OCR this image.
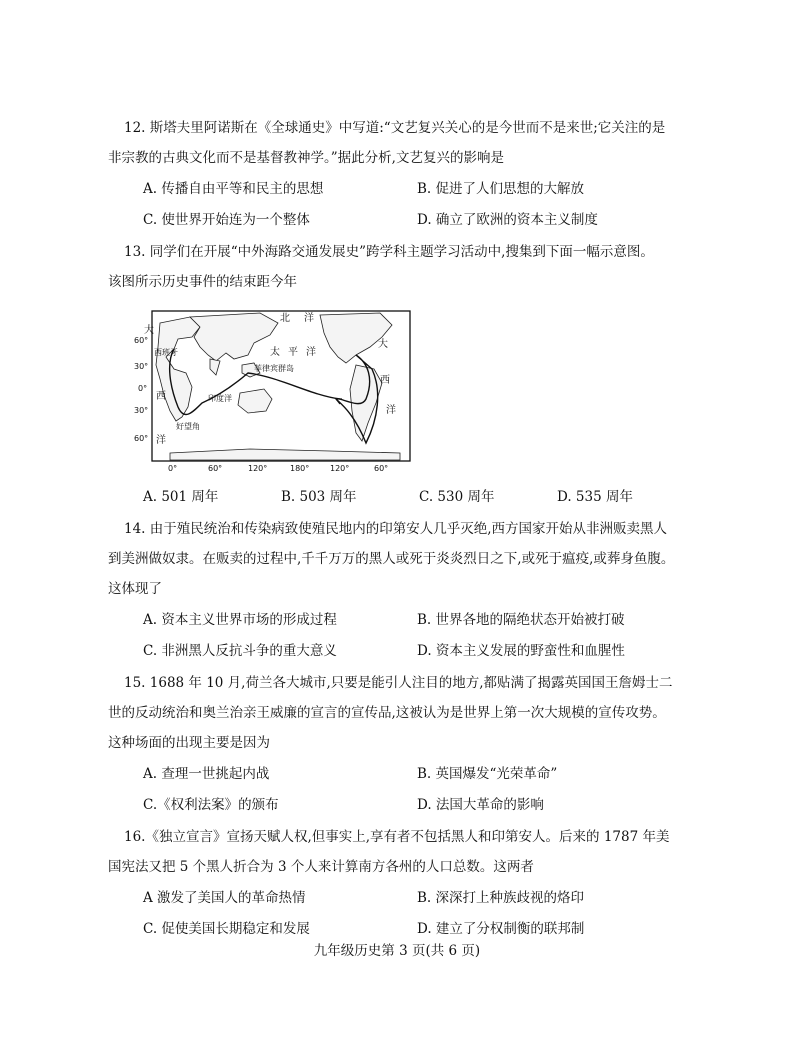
12. 斯塔夫里阿诺斯在《全球通史》中写道:“文艺复兴关心的是今世而不是来世;它关注的是
非宗教的古典文化而不是基督教神学。”据此分析,文艺复兴的影响是
A. 传播自由平等和民主的思想	B. 促进了人们思想的大解放
C. 使世界开始连为一个整体	D. 确立了欧洲的资本主义制度
13. 同学们在开展“中外海路交通发展史”跨学科主题学习活动中,搜集到下面一幅示意图。
该图所示历史事件的结束距今年
60°
30°
0°
30°
60°
0°	60°	120°	180°	120°	60°
北 洋
太 平 洋
大
西
洋
大
西
洋
印度洋
菲律宾群岛
好望角
西班牙
A. 501 周年	B. 503 周年	C. 530 周年	D. 535 周年
14. 由于殖民统治和传染病致使殖民地内的印第安人几乎灭绝,西方国家开始从非洲贩卖黑人
到美洲做奴隶。在贩卖的过程中,千千万万的黑人或死于炎炎烈日之下,或死于瘟疫,或葬身鱼腹。
这体现了
A. 资本主义世界市场的形成过程	B. 世界各地的隔绝状态开始被打破
C. 非洲黑人反抗斗争的重大意义	D. 资本主义发展的野蛮性和血腥性
15. 1688 年 10 月,荷兰各大城市,只要是能引人注目的地方,都贴满了揭露英国国王詹姆士二
世的反动统治和奥兰治亲王威廉的宣言的宣传品,这被认为是世界上第一次大规模的宣传攻势。
这种场面的出现主要是因为
A. 查理一世挑起内战	B. 英国爆发“光荣革命”
C.《权利法案》的颁布	D. 法国大革命的影响
16.《独立宣言》宣扬天赋人权,但事实上,享有者不包括黑人和印第安人。后来的 1787 年美
国宪法又把 5 个黑人折合为 3 个人来计算南方各州的人口总数。这两者
A 激发了美国人的革命热情	B. 深深打上种族歧视的烙印
C. 促使美国长期稳定和发展	D. 建立了分权制衡的联邦制
九年级历史第 3 页(共 6 页)
